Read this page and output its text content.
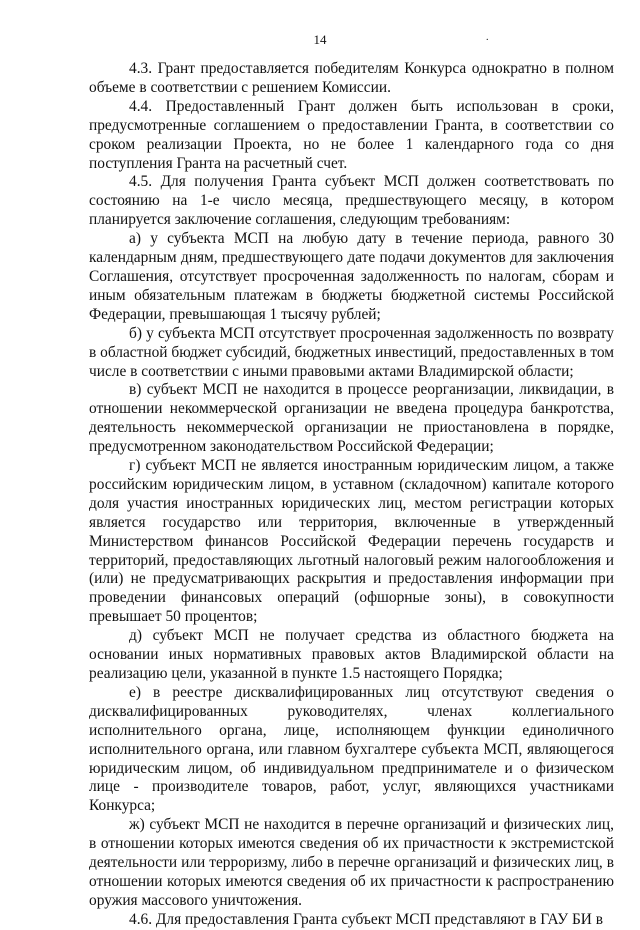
14	.

4.3. Грант предоставляется победителям Конкурса однократно в полном объеме в соответствии с решением Комиссии.

4.4. Предоставленный Грант должен быть использован в сроки, предусмотренные соглашением о предоставлении Гранта, в соответствии со сроком реализации Проекта, но не более 1 календарного года со дня поступления Гранта на расчетный счет.

4.5. Для получения Гранта субъект МСП должен соответствовать по состоянию на 1-е число месяца, предшествующего месяцу, в котором планируется заключение соглашения, следующим требованиям:

а) у субъекта МСП на любую дату в течение периода, равного 30 календарным дням, предшествующего дате подачи документов для заключения Соглашения, отсутствует просроченная задолженность по налогам, сборам и иным обязательным платежам в бюджеты бюджетной системы Российской Федерации, превышающая 1 тысячу рублей;

б) у субъекта МСП отсутствует просроченная задолженность по возврату в областной бюджет субсидий, бюджетных инвестиций, предоставленных в том числе в соответствии с иными правовыми актами Владимирской области;

в) субъект МСП не находится в процессе реорганизации, ликвидации, в отношении некоммерческой организации не введена процедура банкротства, деятельность некоммерческой организации не приостановлена в порядке, предусмотренном законодательством Российской Федерации;

г) субъект МСП не является иностранным юридическим лицом, а также российским юридическим лицом, в уставном (складочном) капитале которого доля участия иностранных юридических лиц, местом регистрации которых является государство или территория, включенные в утвержденный Министерством финансов Российской Федерации перечень государств и территорий, предоставляющих льготный налоговый режим налогообложения и (или) не предусматривающих раскрытия и предоставления информации при проведении финансовых операций (офшорные зоны), в совокупности превышает 50 процентов;

д) субъект МСП не получает средства из областного бюджета на основании иных нормативных правовых актов Владимирской области на реализацию цели, указанной в пункте 1.5 настоящего Порядка;

е) в реестре дисквалифицированных лиц отсутствуют сведения о дисквалифицированных руководителях, членах коллегиального исполнительного органа, лице, исполняющем функции единоличного исполнительного органа, или главном бухгалтере субъекта МСП, являющегося юридическим лицом, об индивидуальном предпринимателе и о физическом лице - производителе товаров, работ, услуг, являющихся участниками Конкурса;

ж) субъект МСП не находится в перечне организаций и физических лиц, в отношении которых имеются сведения об их причастности к экстремистской деятельности или терроризму, либо в перечне организаций и физических лиц, в отношении которых имеются сведения об их причастности к распространению оружия массового уничтожения.

4.6. Для предоставления Гранта субъект МСП представляют в ГАУ БИ в
